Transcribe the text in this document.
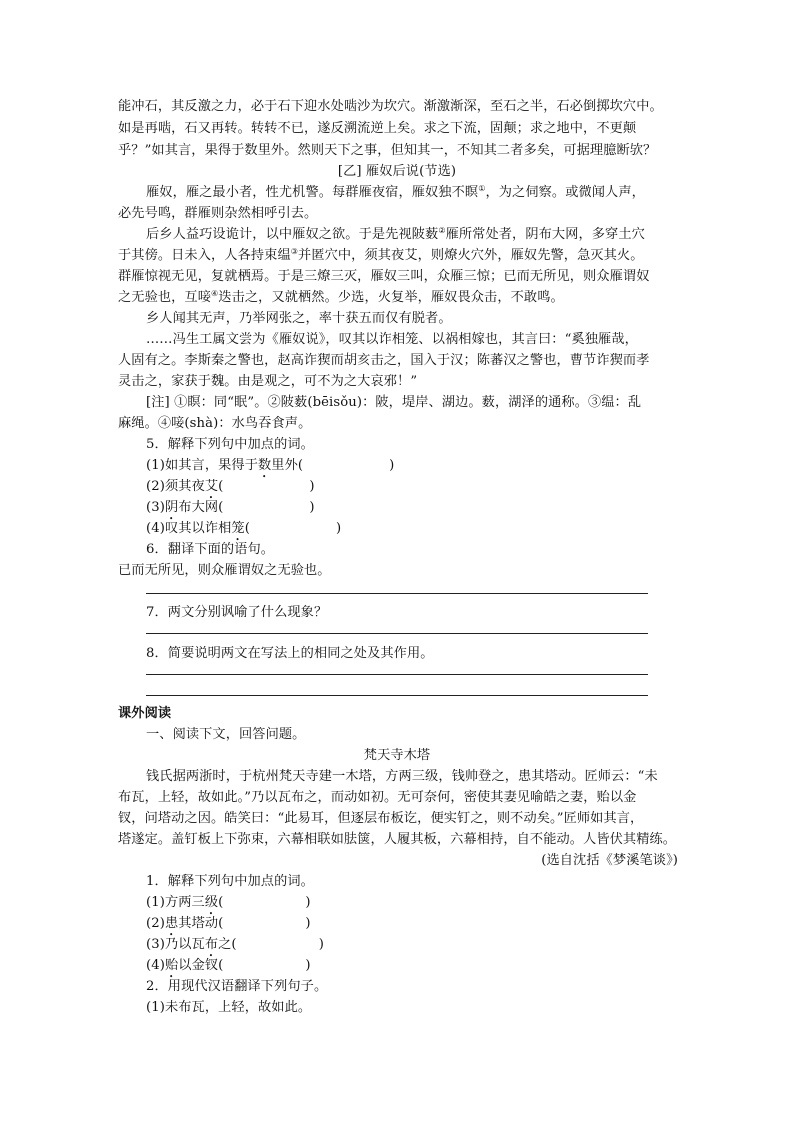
能冲石，其反激之力，必于石下迎水处啮沙为坎穴。渐激渐深，至石之半，石必倒掷坎穴中。
如是再啮，石又再转。转转不已，遂反溯流逆上矣。求之下流，固颠；求之地中，不更颠
乎？”如其言，果得于数里外。然则天下之事，但知其一，不知其二者多矣，可据理臆断欤？
[乙] 雁奴后说(节选)
雁奴，雁之最小者，性尤机警。每群雁夜宿，雁奴独不瞑①，为之伺察。或微闻人声，
必先号鸣，群雁则杂然相呼引去。
后乡人益巧设诡计，以中雁奴之欲。于是先视陂薮②雁所常处者，阴布大网，多穿土穴
于其傍。日未入，人各持束缊③并匿穴中，须其夜艾，则燎火穴外，雁奴先警，急灭其火。
群雁惊视无见，复就栖焉。于是三燎三灭，雁奴三叫，众雁三惊；已而无所见，则众雁谓奴
之无验也，互唼④迭击之，又就栖然。少选，火复举，雁奴畏众击，不敢鸣。
乡人闻其无声，乃举网张之，率十获五而仅有脱者。
……冯生工属文尝为《雁奴说》，叹其以诈相笼、以祸相嫁也，其言曰：“奚独雁哉，
人固有之。李斯秦之警也，赵高诈猰而胡亥击之，国入于汉；陈蕃汉之警也，曹节诈猰而孝
灵击之，家获于魏。由是观之，可不为之大哀邪！”
[注] ①瞑：同“眠”。②陂薮(bēisǒu)：陂，堤岸、湖边。薮，湖泽的通称。③缊：乱
麻绳。④唼(shà)：水鸟吞食声。
5．解释下列句中加点的词。
(1)如其言，果得于数里外(	)
(2)须其夜艾(	)
(3)阴布大网(	)
(4)叹其以诈相笼(	)
6．翻译下面的语句。
已而无所见，则众雁谓奴之无验也。
7．两文分别讽喻了什么现象？
8．简要说明两文在写法上的相同之处及其作用。
课外阅读
一、阅读下文，回答问题。
梵天寺木塔
钱氏据两浙时，于杭州梵天寺建一木塔，方两三级，钱帅登之，患其塔动。匠师云：“未
布瓦，上轻，故如此。”乃以瓦布之，而动如初。无可奈何，密使其妻见喻皓之妻，贻以金
钗，问塔动之因。皓笑曰：“此易耳，但逐层布板讫，便实钉之，则不动矣。”匠师如其言，
塔遂定。盖钉板上下弥束，六幕相联如胠箧，人履其板，六幕相持，自不能动。人皆伏其精练。
(选自沈括《梦溪笔谈》)
1．解释下列句中加点的词。
(1)方两三级(	)
(2)患其塔动(	)
(3)乃以瓦布之(	)
(4)贻以金钗(	)
2．用现代汉语翻译下列句子。
(1)未布瓦，上轻，故如此。
